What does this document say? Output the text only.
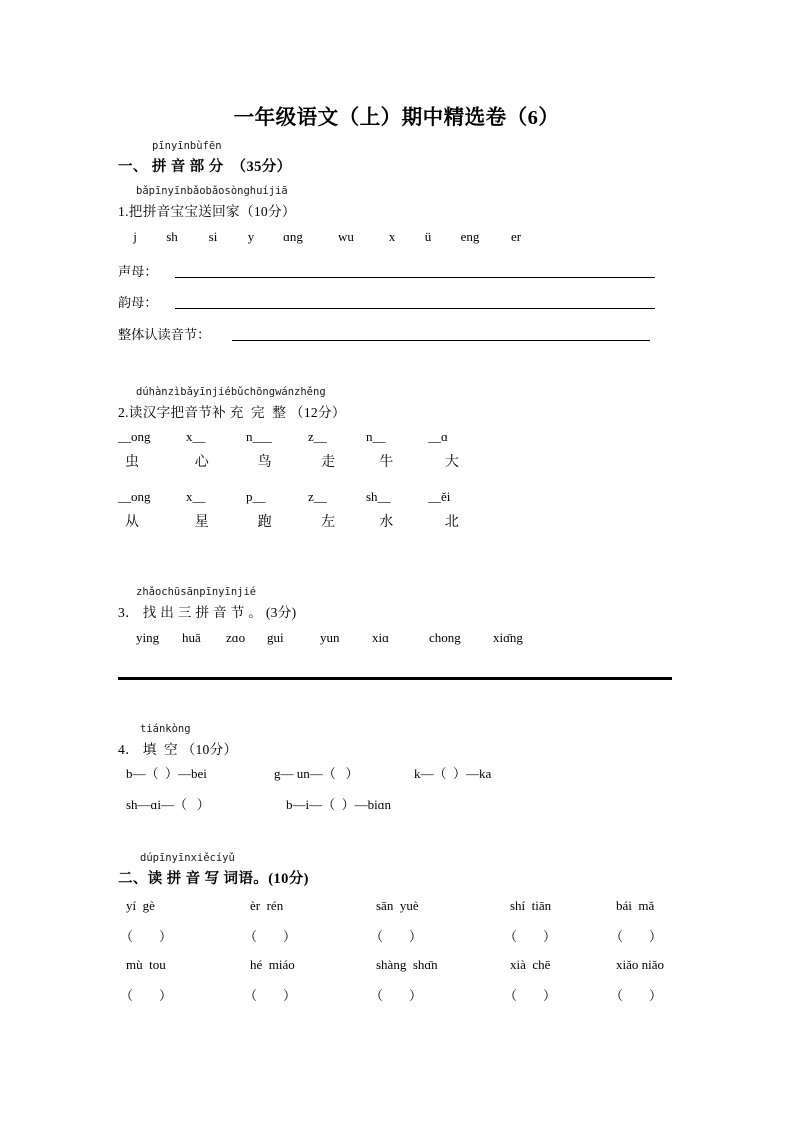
一年级语文（上）期中精选卷（6）
pīnyīnbùfēn
一、 拼 音 部 分  （35分）
bǎpīnyīnbǎobǎosònghuíjiā
1.把拼音宝宝送回家（10分）
j	sh	si	y	ɑng	wu	x	ü	eng	er
声母：
韵母：
整体认读音节：
dúhànzìbǎyīnjiébǔchōngwánzhěng
2.读汉字把音节补 充  完  整 （12分）
__ong	x__	n___	z__	n__	__ɑ
虫	心	鸟	走	牛	大
__ong	x__	p__	z__	sh__	__ěi
从	星	跑	左	水	北
zhǎochūsānpīnyīnjié
3． 找 出 三 拼 音 节 。 (3分)
ying	huā	zɑo	gui	yun	xiɑ	chong	xiɑ̄ng
tiánkòng
4． 填  空 （10分）
b—（  ）—bei	g— un—（   ）	k—（  ）—ka
sh—ɑi—（   ）	b—i—（  ）—biɑn
dúpīnyīnxiěcíyǔ
二、读 拼 音 写 词语。(10分)
yí  gè	èr  rén	sān  yuè	shí  tiān	bái  mǎ
（        ）	（        ）	（        ）	（        ）	（        ）
mù  tou	hé  miáo	shàng  shɑ̄n	xià  chē	xiǎo niǎo
（        ）	（        ）	（        ）	（        ）	（        ）
